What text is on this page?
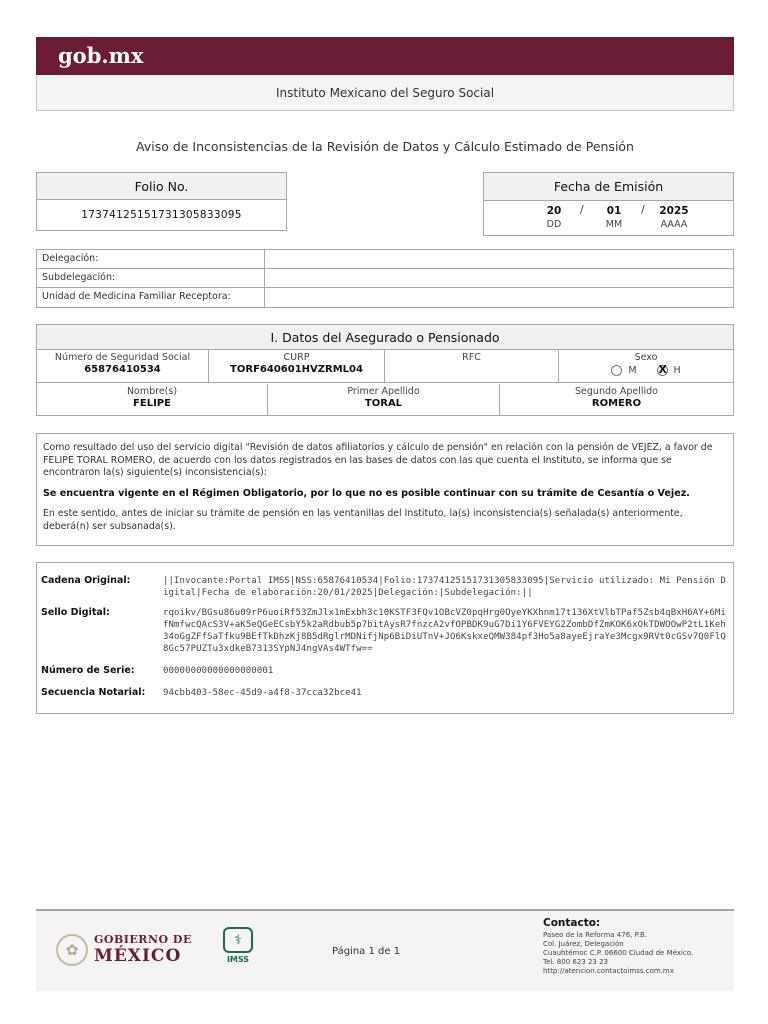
gob.mx
Instituto Mexicano del Seguro Social
Aviso de Inconsistencias de la Revisión de Datos y Cálculo Estimado de Pensión
Folio No.
17374125151731305833095
Fecha de Emisión
20
DD
/	01
MM
/	2025
AAAA
Delegación:
Subdelegación:
Unidad de Medicina Familiar Receptora:
I. Datos del Asegurado o Pensionado
Número de Seguridad Social
65876410534
CURP
TORF640601HVZRML04
RFC	Sexo
M X	H
Nombre(s)
FELIPE
Primer Apellido
TORAL
Segundo Apellido
ROMERO

Como resultado del uso del servicio digital "Revisión de datos afiliatorios y cálculo de pensión" en relación con la pensión de VEJEZ, a favor de FELIPE TORAL ROMERO, de acuerdo con los datos registrados en las bases de datos con las que cuenta el Instituto, se informa que se encontraron la(s) siguiente(s) inconsistencia(s):

Se encuentra vigente en el Régimen Obligatorio, por lo que no es posible continuar con su trámite de Cesantía o Vejez.

En este sentido, antes de iniciar su trámite de pensión en las ventanillas del Instituto, la(s) inconsistencia(s) señalada(s) anteriormente, deberá(n) ser subsanada(s).

Cadena Original:	||Invocante:Portal IMSS|NSS:65876410534|Folio:17374125151731305833095|Servicio utilizado: Mi Pensión Digital|Fecha de elaboración:20/01/2025|Delegación:|Subdelegación:||
Sello Digital:	rqoikv/BGsu86u09rP6uoiRf53ZmJlx1mExbh3c10KSTF3FQv1OBcVZ0pqHrg0OyeYKXhnm17t136XtVlbTPaf5Zsb4qBxH6AY+6MifNmfwcQAcS3V+aK5eQGeECsbY5k2aRdbub5p7bitAysR7fnzcA2vfOPBDK9uG7Di1Y6FVEYG2ZombDfZmKOK6xOkTDWOOwP2tL1Keh34oGgZFfSaTfku9BEfTkDhzKj8B5dRglrMDNifjNp6BiDiUTnV+JO6KskxeQMW384pf3Ho5a8ayeEjraYe3Mcgx9RVt0cGSv7Q0FlQ8Gc57PUZTu3xdkeB7313SYpNJ4ngVAs4WTfw==
Número de Serie:	00000000000000000001
Secuencia Notarial:	94cbb403-58ec-45d9-a4f8-37cca32bce41
✿
GOBIERNO DE
MÉXICO
⚕
IMSS
Página 1 de 1
Contacto:
Paseo de la Reforma 476, P.B.
Col. Juárez, Delegación
Cuauhtémoc C.P. 06600 Ciudad de México.
Tel. 800 623 23 23
http://atencion.contactoimss.com.mx
